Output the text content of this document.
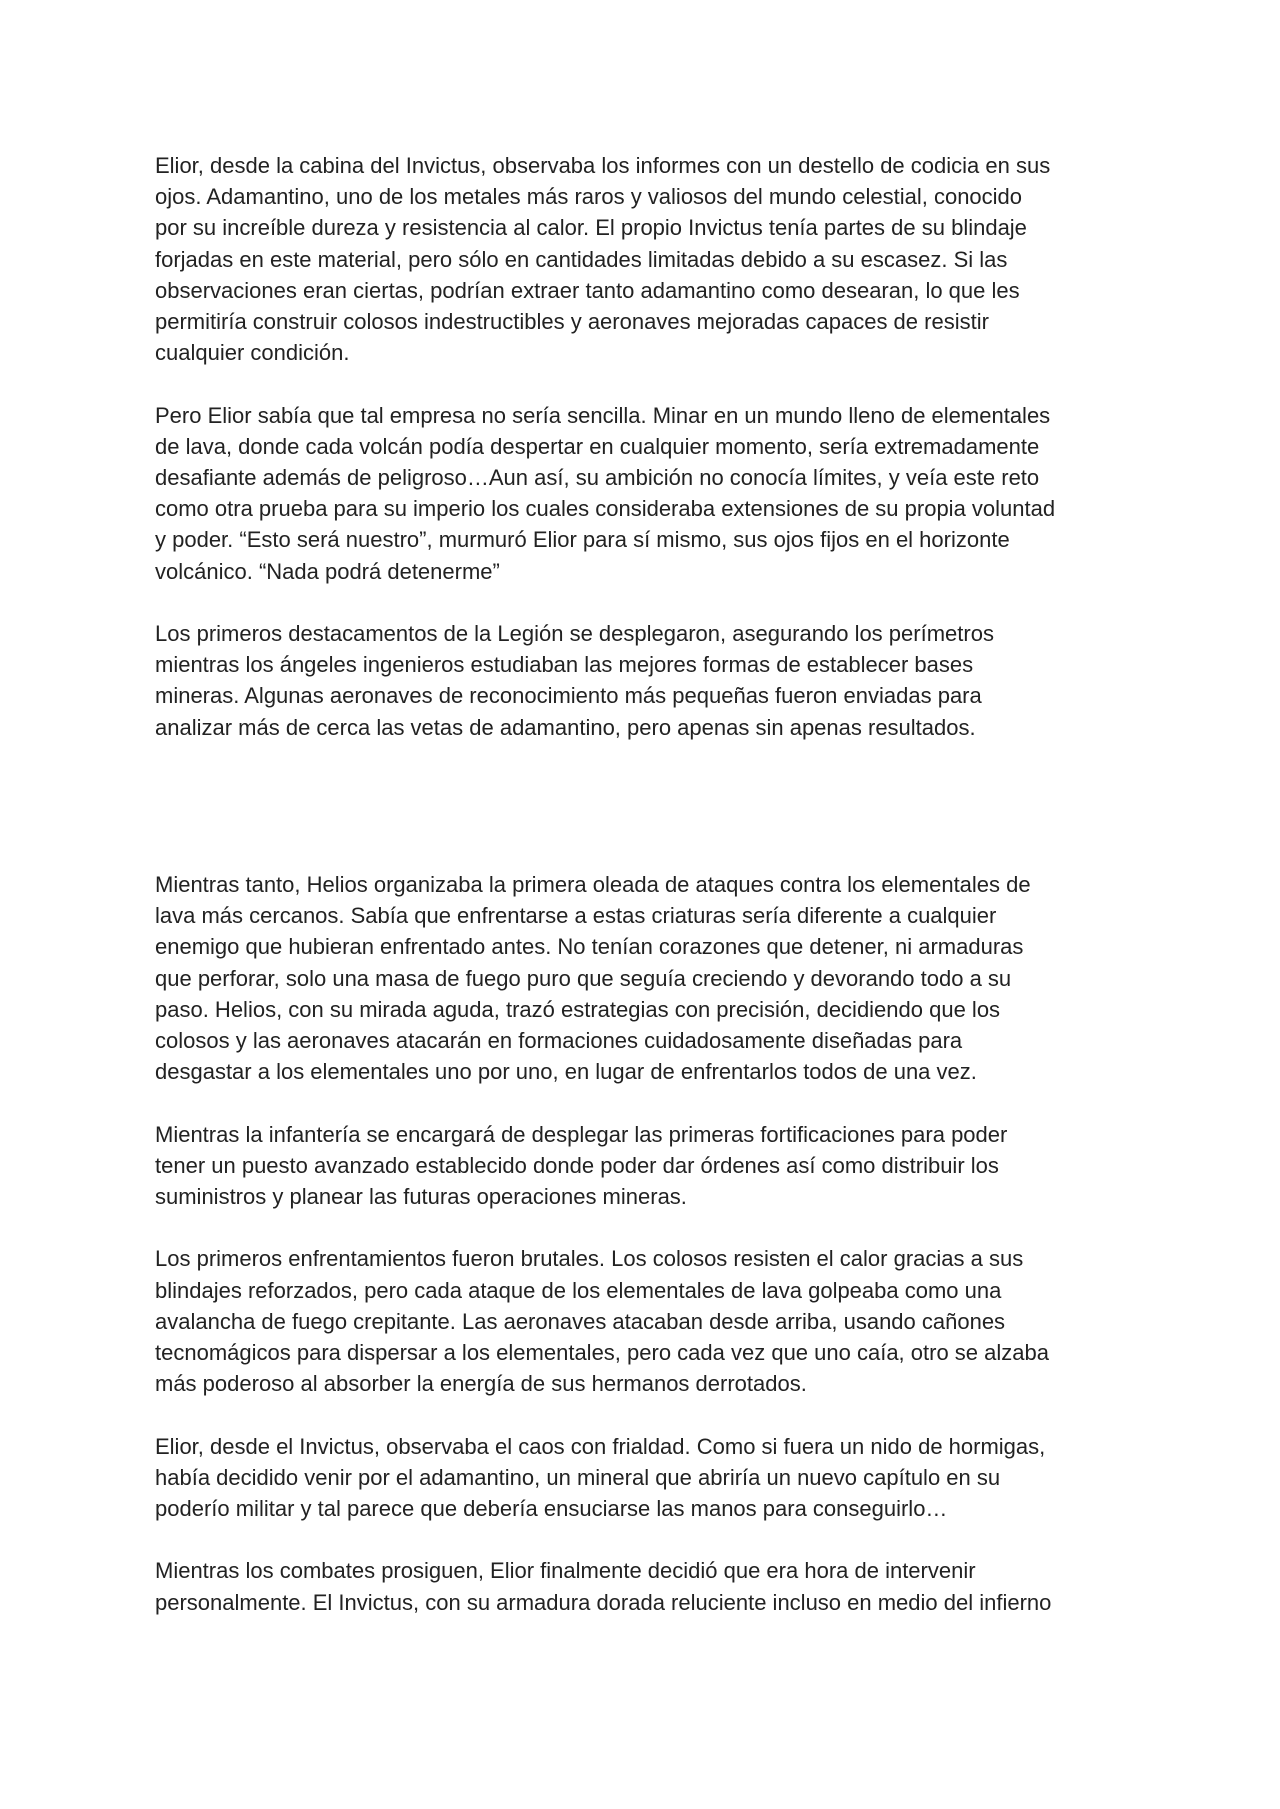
Elior, desde la cabina del Invictus, observaba los informes con un destello de codicia en sus
ojos. Adamantino, uno de los metales más raros y valiosos del mundo celestial, conocido
por su increíble dureza y resistencia al calor. El propio Invictus tenía partes de su blindaje
forjadas en este material, pero sólo en cantidades limitadas debido a su escasez. Si las
observaciones eran ciertas, podrían extraer tanto adamantino como desearan, lo que les
permitiría construir colosos indestructibles y aeronaves mejoradas capaces de resistir
cualquier condición.

Pero Elior sabía que tal empresa no sería sencilla. Minar en un mundo lleno de elementales
de lava, donde cada volcán podía despertar en cualquier momento, sería extremadamente
desafiante además de peligroso…Aun así, su ambición no conocía límites, y veía este reto
como otra prueba para su imperio los cuales consideraba extensiones de su propia voluntad
y poder. “Esto será nuestro”, murmuró Elior para sí mismo, sus ojos fijos en el horizonte
volcánico. “Nada podrá detenerme”

Los primeros destacamentos de la Legión se desplegaron, asegurando los perímetros
mientras los ángeles ingenieros estudiaban las mejores formas de establecer bases
mineras. Algunas aeronaves de reconocimiento más pequeñas fueron enviadas para
analizar más de cerca las vetas de adamantino, pero apenas sin apenas resultados.

Mientras tanto, Helios organizaba la primera oleada de ataques contra los elementales de
lava más cercanos. Sabía que enfrentarse a estas criaturas sería diferente a cualquier
enemigo que hubieran enfrentado antes. No tenían corazones que detener, ni armaduras
que perforar, solo una masa de fuego puro que seguía creciendo y devorando todo a su
paso. Helios, con su mirada aguda, trazó estrategias con precisión, decidiendo que los
colosos y las aeronaves atacarán en formaciones cuidadosamente diseñadas para
desgastar a los elementales uno por uno, en lugar de enfrentarlos todos de una vez.

Mientras la infantería se encargará de desplegar las primeras fortificaciones para poder
tener un puesto avanzado establecido donde poder dar órdenes así como distribuir los
suministros y planear las futuras operaciones mineras.

Los primeros enfrentamientos fueron brutales. Los colosos resisten el calor gracias a sus
blindajes reforzados, pero cada ataque de los elementales de lava golpeaba como una
avalancha de fuego crepitante. Las aeronaves atacaban desde arriba, usando cañones
tecnomágicos para dispersar a los elementales, pero cada vez que uno caía, otro se alzaba
más poderoso al absorber la energía de sus hermanos derrotados.

Elior, desde el Invictus, observaba el caos con frialdad. Como si fuera un nido de hormigas,
había decidido venir por el adamantino, un mineral que abriría un nuevo capítulo en su
poderío militar y tal parece que debería ensuciarse las manos para conseguirlo…

Mientras los combates prosiguen, Elior finalmente decidió que era hora de intervenir
personalmente. El Invictus, con su armadura dorada reluciente incluso en medio del infierno
